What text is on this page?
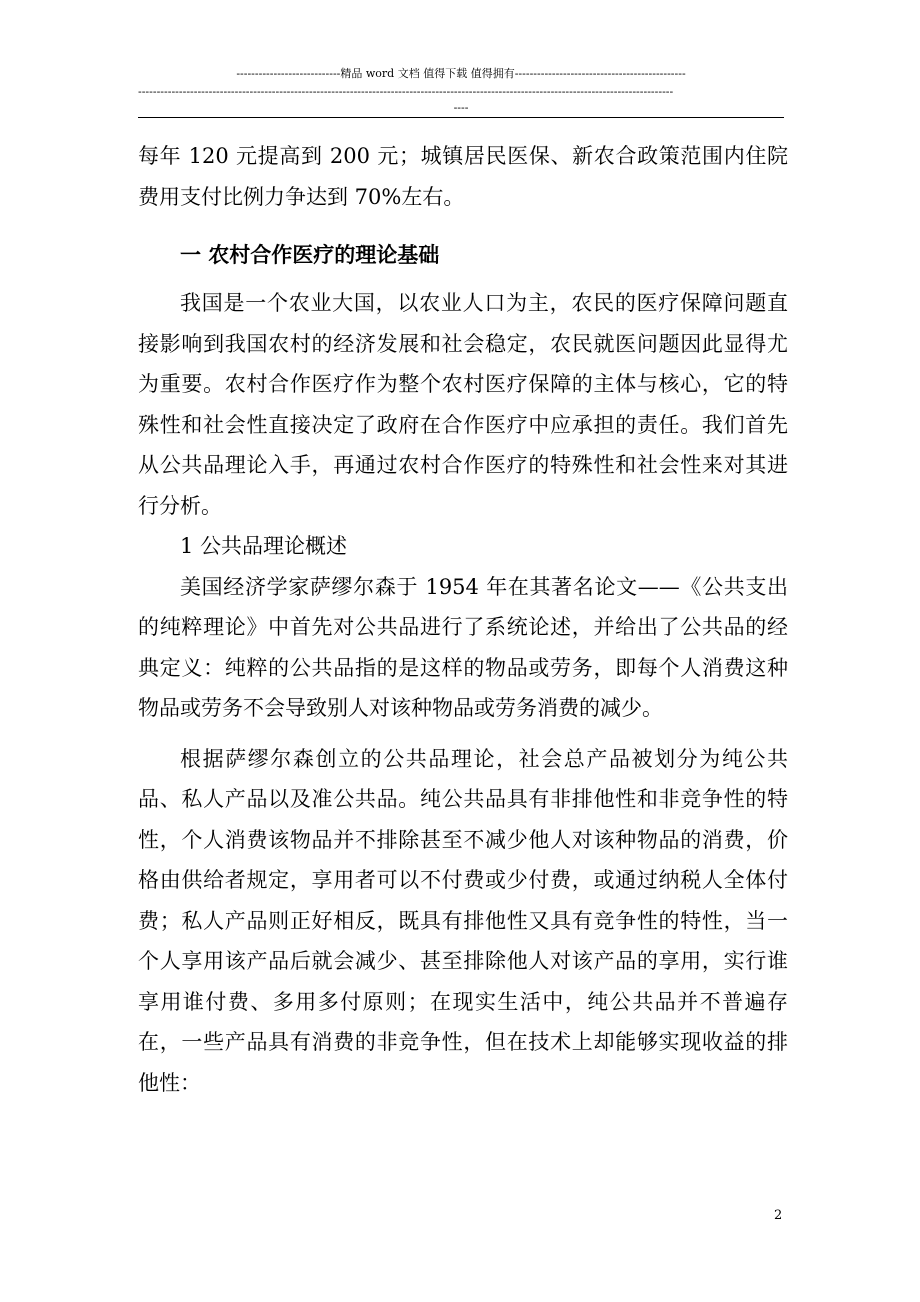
----------------------------精品 word 文档 值得下载 值得拥有----------------------------------------------
------------------------------------------------------------------------------------------------------------------------------------------------
----

每年 120 元提高到 200 元；城镇居民医保、新农合政策范围内住院费用支付比例力争达到 70%左右。

一 农村合作医疗的理论基础

我国是一个农业大国，以农业人口为主，农民的医疗保障问题直接影响到我国农村的经济发展和社会稳定，农民就医问题因此显得尤为重要。农村合作医疗作为整个农村医疗保障的主体与核心，它的特殊性和社会性直接决定了政府在合作医疗中应承担的责任。我们首先从公共品理论入手，再通过农村合作医疗的特殊性和社会性来对其进行分析。

1 公共品理论概述

美国经济学家萨缪尔森于 1954 年在其著名论文——《公共支出的纯粹理论》中首先对公共品进行了系统论述，并给出了公共品的经典定义：纯粹的公共品指的是这样的物品或劳务，即每个人消费这种物品或劳务不会导致别人对该种物品或劳务消费的减少。

根据萨缪尔森创立的公共品理论，社会总产品被划分为纯公共品、私人产品以及准公共品。纯公共品具有非排他性和非竞争性的特性，个人消费该物品并不排除甚至不减少他人对该种物品的消费，价格由供给者规定，享用者可以不付费或少付费，或通过纳税人全体付费；私人产品则正好相反，既具有排他性又具有竞争性的特性，当一个人享用该产品后就会减少、甚至排除他人对该产品的享用，实行谁享用谁付费、多用多付原则；在现实生活中，纯公共品并不普遍存在，一些产品具有消费的非竞争性，但在技术上却能够实现收益的排他性：

2
